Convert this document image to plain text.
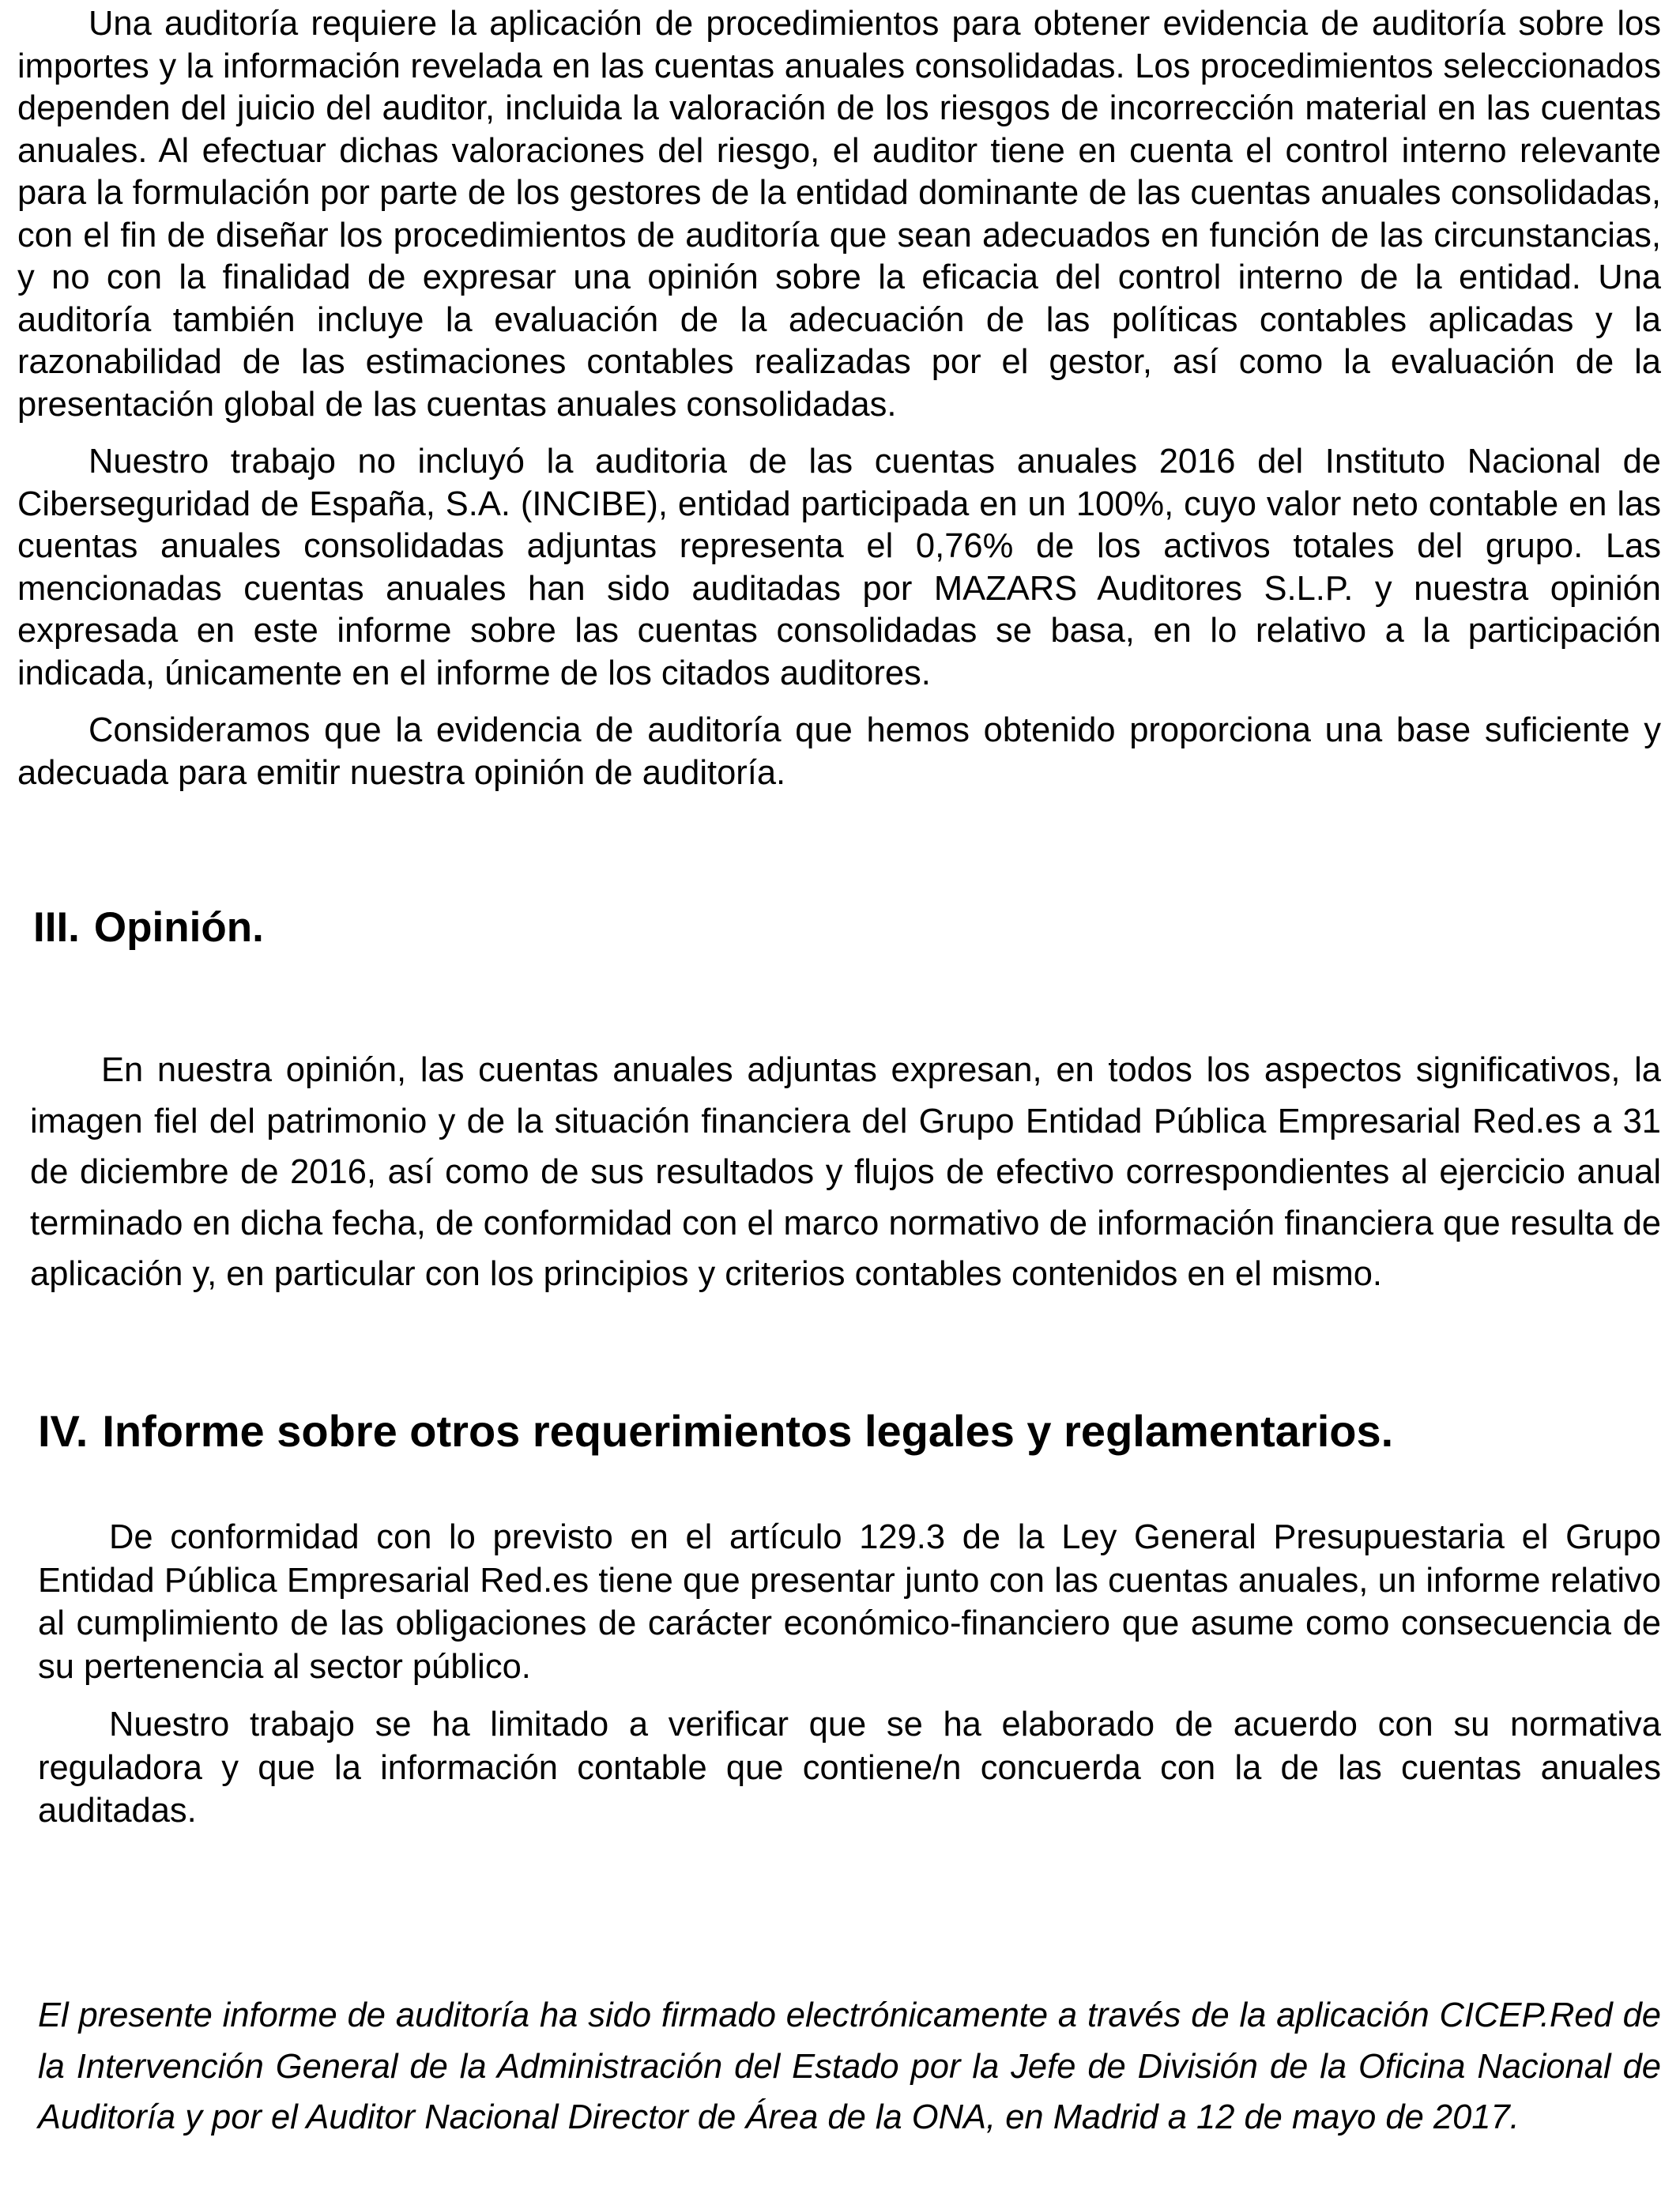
Una auditoría requiere la aplicación de procedimientos para obtener evidencia de auditoría sobre los importes y la información revelada en las cuentas anuales consolidadas. Los procedimientos seleccionados dependen del juicio del auditor, incluida la valoración de los riesgos de incorrección material en las cuentas anuales. Al efectuar dichas valoraciones del riesgo, el auditor tiene en cuenta el control interno relevante para la formulación por parte de los gestores de la entidad dominante de las cuentas anuales consolidadas, con el fin de diseñar los procedimientos de auditoría que sean adecuados en función de las circunstancias, y no con la finalidad de expresar una opinión sobre la eficacia del control interno de la entidad. Una auditoría también incluye la evaluación de la adecuación de las políticas contables aplicadas y la razonabilidad de las estimaciones contables realizadas por el gestor, así como la evaluación de la presentación global de las cuentas anuales consolidadas.

Nuestro trabajo no incluyó la auditoria de las cuentas anuales 2016 del Instituto Nacional de Ciberseguridad de España, S.A. (INCIBE), entidad participada en un 100%, cuyo valor neto contable en las cuentas anuales consolidadas adjuntas representa el 0,76% de los activos totales del grupo. Las mencionadas cuentas anuales han sido auditadas por MAZARS Auditores S.L.P. y nuestra opinión expresada en este informe sobre las cuentas consolidadas se basa, en lo relativo a la participación indicada, únicamente en el informe de los citados auditores.

Consideramos que la evidencia de auditoría que hemos obtenido proporciona una base suficiente y adecuada para emitir nuestra opinión de auditoría.

III. Opinión.

En nuestra opinión, las cuentas anuales adjuntas expresan, en todos los aspectos significativos, la imagen fiel del patrimonio y de la situación financiera del Grupo Entidad Pública Empresarial Red.es a 31 de diciembre de 2016, así como de sus resultados y flujos de efectivo correspondientes al ejercicio anual terminado en dicha fecha, de conformidad con el marco normativo de información financiera que resulta de aplicación y, en particular con los principios y criterios contables contenidos en el mismo.

IV. Informe sobre otros requerimientos legales y reglamentarios.

De conformidad con lo previsto en el artículo 129.3 de la Ley General Presupuestaria el Grupo Entidad Pública Empresarial Red.es tiene que presentar junto con las cuentas anuales, un informe relativo al cumplimiento de las obligaciones de carácter económico-financiero que asume como consecuencia de su pertenencia al sector público.

Nuestro trabajo se ha limitado a verificar que se ha elaborado de acuerdo con su normativa reguladora y que la información contable que contiene/n concuerda con la de las cuentas anuales auditadas.

El presente informe de auditoría ha sido firmado electrónicamente a través de la aplicación CICEP.Red de la Intervención General de la Administración del Estado por la Jefe de División de la Oficina Nacional de Auditoría y por el Auditor Nacional Director de Área de la ONA, en Madrid a 12 de mayo de 2017.
